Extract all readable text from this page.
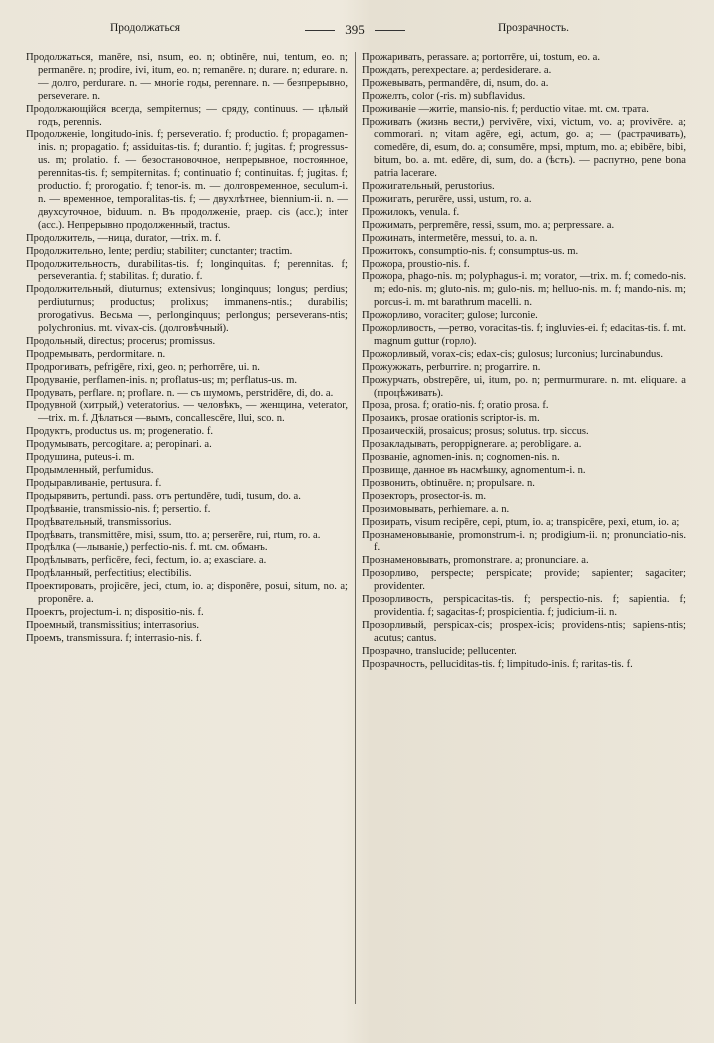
Продолжаться	395	Прозрачность.

Продолжаться, manēre, nsi, nsum, eo. n; obtinēre, nui, tentum, eo. n; permanēre. n; prodire, ivi, itum, eo. n; remanēre. n; durare. n; edurare. n. — долго, perdurare. n. — многіе годы, perennare. n. — безпрерывно, perseverare. n.

Продолжающійся всегда, sempiternus; — сряду, continuus. — цѣлый годъ, perennis.

Продолженіе, longitudo-inis. f; perseveratio. f; productio. f; propagamen-inis. n; propagatio. f; assiduitas-tis. f; durantio. f; jugitas. f; progressus-us. m; prolatio. f. — безостановочное, непрерывное, постоянное, perennitas-tis. f; sempiternitas. f; continuatio f; continuitas. f; jugitas. f; productio. f; prorogatio. f; tenor-is. m. — долговременное, seculum-i. n. — временное, temporalitas-tis. f; — двухлѣтнее, biennium-ii. n. — двухсуточное, biduum. n. Въ продолженіе, praep. cis (acc.); inter (acc.). Непрерывно продолженный, tractus.

Продолжитель, —ница, durator, —trix. m. f.

Продолжительно, lente; perdiu; stabiliter; cunctanter; tractim.

Продолжительность, durabilitas-tis. f; longinquitas. f; perennitas. f; perseverantia. f; stabilitas. f; duratio. f.

Продолжительный, diuturnus; extensivus; longinquus; longus; perdius; perdiuturnus; productus; prolixus; immanens-ntis.; durabilis; prorogativus. Весьма —, perlonginquus; perlongus; perseverans-ntis; polychronius. mt. vivax-cis. (долговѣчный).

Продольный, directus; procerus; promissus.

Продремывать, perdormitare. n.

Продрогивать, pefrigēre, rixi, geo. n; perhorrēre, ui. n.

Продуваніе, perflamen-inis. n; proflatus-us; m; perflatus-us. m.

Продувать, perflare. n; proflare. n. — съ шумомъ, perstridēre, di, do. a.

Продувной (хитрый,) veteratorius. — человѣкъ, — женщина, veterator, —trix. m. f. Дѣлаться —вымъ, concallescēre, llui, sco. n.

Продуктъ, productus us. m; progeneratio. f.

Продумывать, percogitare. a; peropinari. a.

Продушина, puteus-i. m.

Продымленный, perfumidus.

Продыравливаніе, pertusura. f.

Продырявить, pertundi. pass. отъ pertundēre, tudi, tusum, do. a.

Продѣваніе, transmissio-nis. f; persertio. f.

Продѣвательный, transmissorius.

Продѣвать, transmittēre, misi, ssum, tto. a; perserēre, rui, rtum, ro. a.

Продѣлка (—лываніе,) perfectio-nis. f. mt. см. обманъ.

Продѣлывать, perficēre, feci, fectum, io. a; exasciare. a.

Продѣланный, perfectitius; electibilis.

Проектировать, projicēre, jeci, ctum, io. a; disponēre, posui, situm, no. a; proponēre. a.

Проектъ, projectum-i. n; dispositio-nis. f.

Проемный, transmissitius; interrasorius.

Проемъ, transmissura. f; interrasio-nis. f.

Прожаривать, perassare. a; portorrēre, ui, tostum, eo. a.

Прождать, perexpectare. a; perdesiderare. a.

Прожевывать, permandēre, di, nsum, do. a.

Прожелть, color (-ris. m) subflavidus.

Проживаніе —житіе, mansio-nis. f; perductio vitae. mt. см. трата.

Проживать (жизнь вести,) pervivēre, vixi, victum, vo. a; provivēre. a; commorari. n; vitam agēre, egi, actum, go. a; — (растрачивать), comedēre, di, esum, do. a; consumēre, mpsi, mptum, mo. a; ebibēre, bibi, bitum, bo. a. mt. edēre, di, sum, do. a (ѣсть). — распутно, pene bona patria lacerare.

Прожигательный, perustorius.

Прожигать, perurēre, ussi, ustum, ro. a.

Прожилокъ, venula. f.

Прожимать, perpremēre, ressi, ssum, mo. a; perpressare. a.

Прожинать, intermetēre, messui, to. a. n.

Прожитокъ, consumptio-nis. f; consumptus-us. m.

Прожора, proustio-nis. f.

Прожора, phago-nis. m; polyphagus-i. m; vorator, —trix. m. f; comedo-nis. m; edo-nis. m; gluto-nis. m; gulo-nis. m; helluo-nis. m. f; mando-nis. m; porcus-i. m. mt barathrum macelli. n.

Прожорливо, voraciter; gulose; lurconie.

Прожорливость, —ретво, voracitas-tis. f; ingluvies-ei. f; edacitas-tis. f. mt. magnum guttur (горло).

Прожорливый, vorax-cis; edax-cis; gulosus; lurconius; lurcinabundus.

Прожужжать, perburrire. n; progarrire. n.

Прожурчать, obstrepēre, ui, itum, po. n; permurmurare. n. mt. eliquare. a (процѣживать).

Проза, prosa. f; oratio-nis. f; oratio prosa. f.

Прозаикъ, prosae orationis scriptor-is. m.

Прозаическій, prosaicus; prosus; solutus. trp. siccus.

Прозакладывать, peroppignerare. a; perobligare. a.

Прозваніе, agnomen-inis. n; cognomen-nis. n.

Прозвище, данное въ насмѣшку, agnomentum-i. n.

Прозвонить, obtinuēre. n; propulsare. n.

Прозекторъ, prosector-is. m.

Прозимовывать, perhiemare. a. n.

Прозирать, visum recipēre, cepi, ptum, io. a; transpicēre, pexi, etum, io. a;

Прознаменовываніе, promonstrum-i. n; prodigium-ii. n; pronunciatio-nis. f.

Прознаменовывать, promonstrare. a; pronunciare. a.

Прозорливо, perspecte; perspicate; provide; sapienter; sagaciter; providenter.

Прозорливость, perspicacitas-tis. f; perspectio-nis. f; sapientia. f; providentia. f; sagacitas-f; prospicientia. f; judicium-ii. n.

Прозорливый, perspicax-cis; prospex-icis; providens-ntis; sapiens-ntis; acutus; cantus.

Прозрачно, translucide; pellucenter.

Прозрачность, pelluciditas-tis. f; limpitudo-inis. f; raritas-tis. f.
